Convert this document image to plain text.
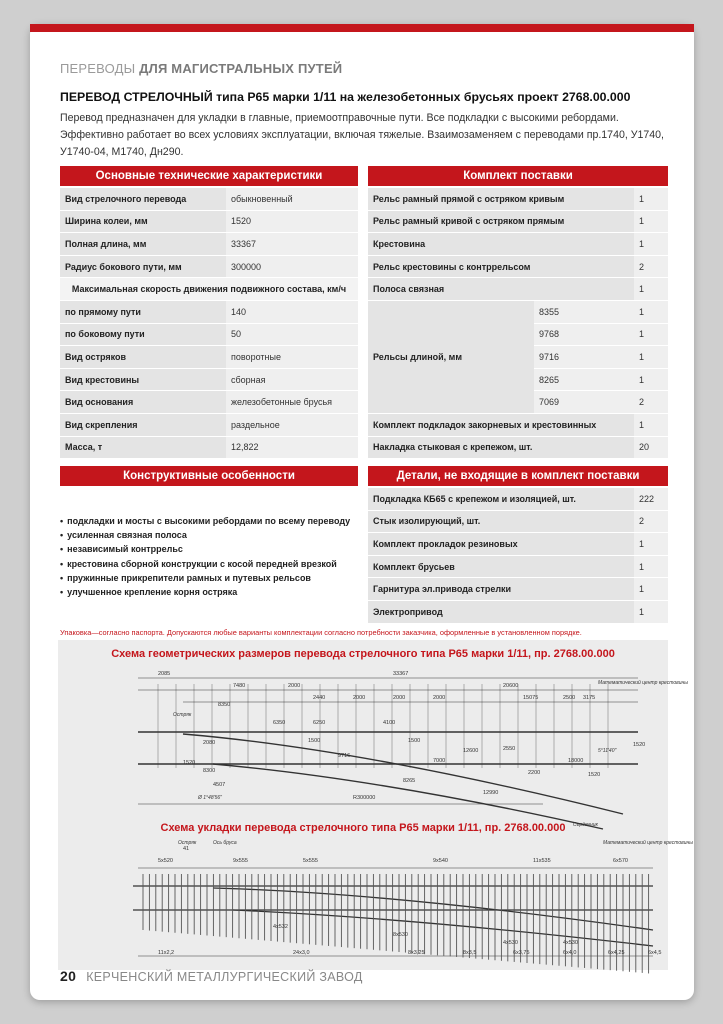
ПЕРЕВОДЫ ДЛЯ МАГИСТРАЛЬНЫХ ПУТЕЙ
ПЕРЕВОД СТРЕЛОЧНЫЙ типа Р65 марки 1/11 на железобетонных брусьях проект 2768.00.000
Перевод предназначен для укладки в главные, приемоотправочные пути. Все подкладки с высокими ребордами. Эффективно работает во всех условиях эксплуатации, включая тяжелые. Взаимозаменяем с переводами пр.1740, У1740, У1740-04, М1740, Дн290.
Основные технические характеристики
Вид стрелочного перевода	обыкновенный
Ширина колеи, мм	1520
Полная длина, мм	33367
Радиус бокового пути, мм	300000
Максимальная скорость движения подвижного состава, км/ч	
по прямому пути	140
по боковому пути	50
Вид остряков	поворотные
Вид крестовины	сборная
Вид основания	железобетонные брусья
Вид скрепления	раздельное
Масса, т	12,822
Комплект поставки
Рельс рамный прямой с остряком кривым		1
Рельс рамный кривой с остряком прямым		1
Крестовина		1
Рельс крестовины с контррельсом		2
Полоса связная		1
Рельсы длиной, мм	8355	1
	9768	1
	9716	1
	8265	1
	7069	2
Комплект подкладок закорневых и крестовинных		1
Накладка стыковая с крепежом, шт.		20
Конструктивные особенности
• подкладки и мосты с высокими ребордами по всему переводу
• усиленная связная полоса
• независимый контррельс
• крестовина сборной конструкции с косой передней врезкой
• пружинные прикрепители рамных и путевых рельсов
• улучшенное крепление корня остряка
Детали, не входящие в комплект поставки
Подкладка КБ65 с крепежом и изоляцией, шт.	222
Стык изолирующий, шт.	2
Комплект прокладок резиновых	1
Комплект брусьев	1
Гарнитура эл.привода стрелки	1
Электропривод	1
Упаковка—согласно паспорта. Допускаются любые варианты комплектации согласно потребности заказчика, оформленные в установленном порядке.
Схема геометрических размеров перевода стрелочного типа Р65 марки 1/11, пр. 2768.00.000
2085	33367
20600
7480	2000
2440	2000	2000	2000	15075	2500 3175
8350
6350	6250	4100
2080
9716
1520
R300000
12990
2550
12600
7000
8300
4507
8265
1520
2200
18000
1500	1500
1520
Остряк
Математический центр крестовины
Сердечник
5°11'40"
Ø 1°48'56"
Схема укладки перевода стрелочного типа Р65 марки 1/11, пр. 2768.00.000
41
5x520	9x555	5x555	9x540	11x535	6x570
11x2,2	24x3,0	8x3,25	8x3,5	6x3,75	6x4,0	6x4,25	6x4,5
4x532
8x530
4x530	4x530
Остряк	Ось бруса	Математический центр крестовины
20 КЕРЧЕНСКИЙ МЕТАЛЛУРГИЧЕСКИЙ ЗАВОД
